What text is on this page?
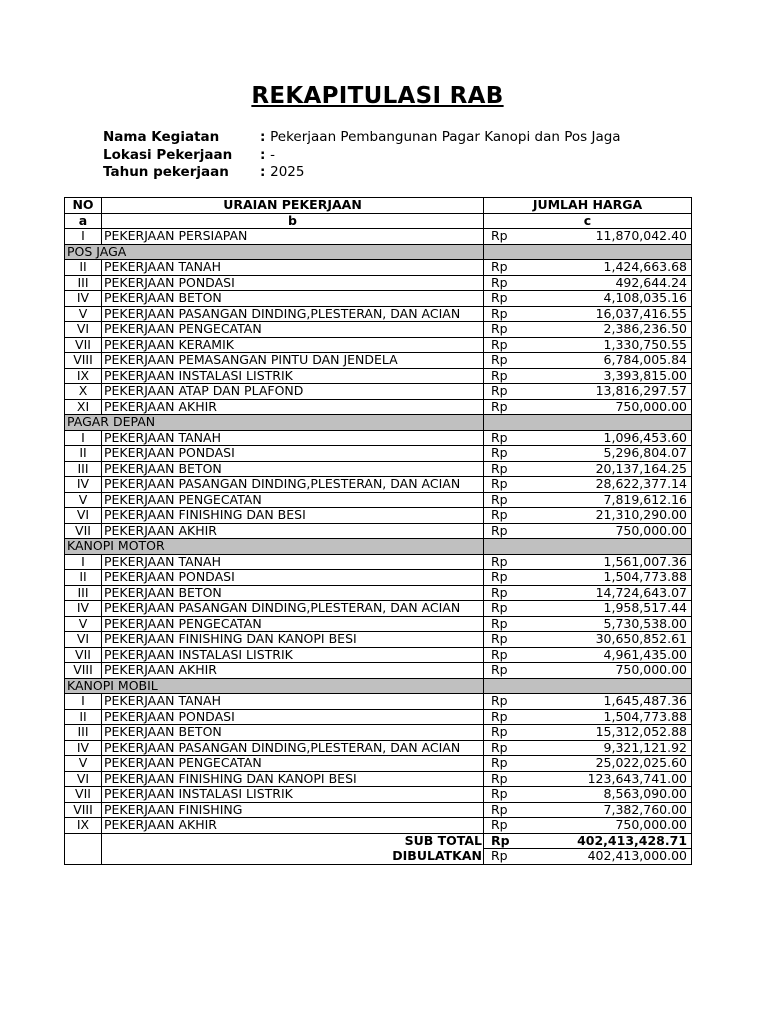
REKAPITULASI RAB
Nama Kegiatan	: Pekerjaan Pembangunan Pagar Kanopi dan Pos Jaga
Lokasi Pekerjaan : -
Tahun pekerjaan : 2025
NO	URAIAN PEKERJAAN	JUMLAH HARGA	
a	b	c	
I	PEKERJAAN PERSIAPAN	Rp	11,870,042.40
POS JAGA			
II	PEKERJAAN TANAH	Rp	1,424,663.68
III	PEKERJAAN PONDASI	Rp	492,644.24
IV	PEKERJAAN BETON	Rp	4,108,035.16
V	PEKERJAAN PASANGAN DINDING,PLESTERAN, DAN ACIAN	Rp	16,037,416.55
VI	PEKERJAAN PENGECATAN	Rp	2,386,236.50
VII	PEKERJAAN KERAMIK	Rp	1,330,750.55
VIII	PEKERJAAN PEMASANGAN PINTU DAN JENDELA	Rp	6,784,005.84
IX	PEKERJAAN INSTALASI LISTRIK	Rp	3,393,815.00
X	PEKERJAAN ATAP DAN PLAFOND	Rp	13,816,297.57
XI	PEKERJAAN AKHIR	Rp	750,000.00
PAGAR DEPAN			
I	PEKERJAAN TANAH	Rp	1,096,453.60
II	PEKERJAAN PONDASI	Rp	5,296,804.07
III	PEKERJAAN BETON	Rp	20,137,164.25
IV	PEKERJAAN PASANGAN DINDING,PLESTERAN, DAN ACIAN	Rp	28,622,377.14
V	PEKERJAAN PENGECATAN	Rp	7,819,612.16
VI	PEKERJAAN FINISHING DAN BESI	Rp	21,310,290.00
VII	PEKERJAAN AKHIR	Rp	750,000.00
KANOPI MOTOR			
I	PEKERJAAN TANAH	Rp	1,561,007.36
II	PEKERJAAN PONDASI	Rp	1,504,773.88
III	PEKERJAAN BETON	Rp	14,724,643.07
IV	PEKERJAAN PASANGAN DINDING,PLESTERAN, DAN ACIAN	Rp	1,958,517.44
V	PEKERJAAN PENGECATAN	Rp	5,730,538.00
VI	PEKERJAAN FINISHING DAN KANOPI BESI	Rp	30,650,852.61
VII	PEKERJAAN INSTALASI LISTRIK	Rp	4,961,435.00
VIII	PEKERJAAN AKHIR	Rp	750,000.00
KANOPI MOBIL			
I	PEKERJAAN TANAH	Rp	1,645,487.36
II	PEKERJAAN PONDASI	Rp	1,504,773.88
III	PEKERJAAN BETON	Rp	15,312,052.88
IV	PEKERJAAN PASANGAN DINDING,PLESTERAN, DAN ACIAN	Rp	9,321,121.92
V	PEKERJAAN PENGECATAN	Rp	25,022,025.60
VI	PEKERJAAN FINISHING DAN KANOPI BESI	Rp	123,643,741.00
VII	PEKERJAAN INSTALASI LISTRIK	Rp	8,563,090.00
VIII	PEKERJAAN FINISHING	Rp	7,382,760.00
IX	PEKERJAAN AKHIR	Rp	750,000.00
	SUB TOTAL	Rp	402,413,428.71
	DIBULATKAN	Rp	402,413,000.00
